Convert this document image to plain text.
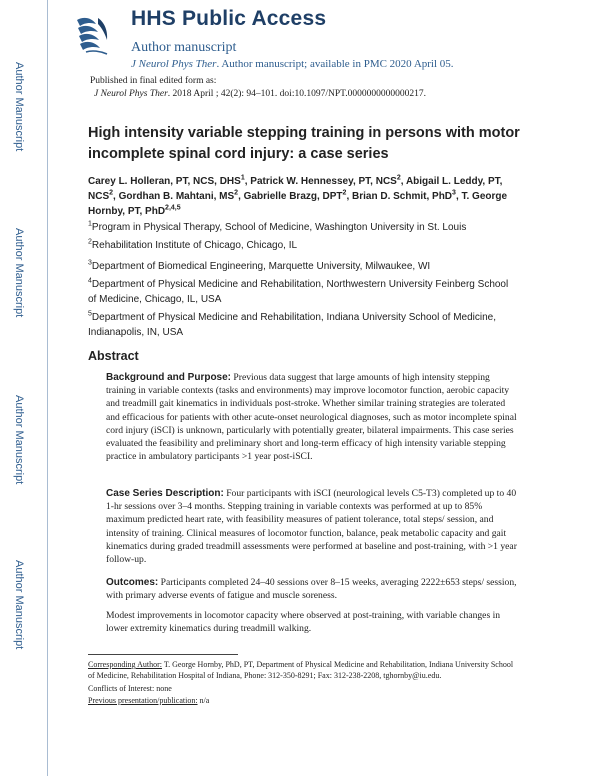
Author Manuscript
Author Manuscript
Author Manuscript
Author Manuscript
HHS Public Access
Author manuscript
J Neurol Phys Ther. Author manuscript; available in PMC 2020 April 05.
Published in final edited form as:
J Neurol Phys Ther. 2018 April ; 42(2): 94–101. doi:10.1097/NPT.0000000000000217.
High intensity variable stepping training in persons with motor incomplete spinal cord injury: a case series
Carey L. Holleran, PT, NCS, DHS$^1$, Patrick W. Hennessey, PT, NCS$^2$, Abigail L. Leddy, PT, NCS$^2$, Gordhan B. Mahtani, $MS^2$, Gabrielle Brazg, DPT$^2$, Brian D. Schmit, PhD$^3$, T. George Hornby, PT, PhD$^{2,4,5}$
$^1$Program in Physical Therapy, School of Medicine, Washington University in St. Louis
$^2$Rehabilitation Institute of Chicago, Chicago, IL
$^3$Department of Biomedical Engineering, Marquette University, Milwaukee, WI
$^4$Department of Physical Medicine and Rehabilitation, Northwestern University Feinberg School of Medicine, Chicago, IL, USA
$^5$Department of Physical Medicine and Rehabilitation, Indiana University School of Medicine, Indianapolis, IN, USA
Abstract
Background and Purpose: Previous data suggest that large amounts of high intensity stepping training in variable contexts (tasks and environments) may improve locomotor function, aerobic capacity and treadmill gait kinematics in individuals post-stroke. Whether similar training strategies are tolerated and efficacious for patients with other acute-onset neurological diagnoses, such as motor incomplete spinal cord injury (iSCI) is unknown, particularly with potentially greater, bilateral impairments. This case series evaluated the feasibility and preliminary short and long-term efficacy of high intensity variable stepping practice in ambulatory participants >1 year post-iSCI.
Case Series Description: Four participants with iSCI (neurological levels C5-T3) completed up to 40 1-hr sessions over 3–4 months. Stepping training in variable contexts was performed at up to 85% maximum predicted heart rate, with feasibility measures of patient tolerance, total steps/ session, and intensity of training. Clinical measures of locomotor function, balance, peak metabolic capacity and gait kinematics during graded treadmill assessments were performed at baseline and post-training, with >1 year follow-up.
Outcomes: Participants completed 24–40 sessions over 8–15 weeks, averaging 2222±653 steps/ session, with primary adverse events of fatigue and muscle soreness.
Modest improvements in locomotor capacity where observed at post-training, with variable changes in lower extremity kinematics during treadmill walking.
Corresponding Author: T. George Hornby, PhD, PT, Department of Physical Medicine and Rehabilitation, Indiana University School of Medicine, Rehabilitation Hospital of Indiana, Phone: 312-350-8291; Fax: 312-238-2208, tghornby@iu.edu.
Conflicts of Interest: none
Previous presentation/publication: n/a
